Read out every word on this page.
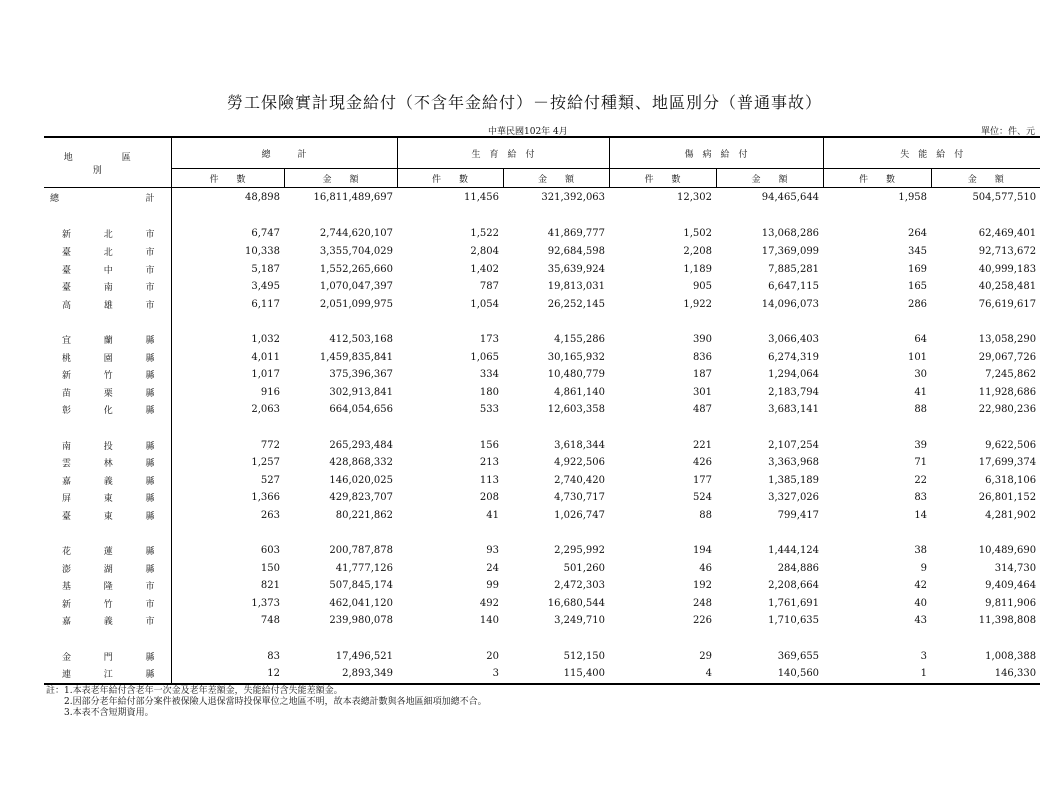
勞工保險實計現金給付（不含年金給付）－按給付種類、地區別分（普通事故）
中華民國102年 4月	單位：件、元
地　區　別	總　　　計		生　育　給　付		傷　病　給　付		失　能　給　付	
	件　　數	金　　額	件　　數	金　　額	件　　數	金　　額	件　　數	金　　額

總 計	48,898	16,811,489,697	11,456	321,392,063	12,302	94,465,644	1,958	504,577,510

新 北 市	6,747	2,744,620,107	1,522	41,869,777	1,502	13,068,286	264	62,469,401

臺 北 市	10,338	3,355,704,029	2,804	92,684,598	2,208	17,369,099	345	92,713,672

臺 中 市	5,187	1,552,265,660	1,402	35,639,924	1,189	7,885,281	169	40,999,183

臺 南 市	3,495	1,070,047,397	787	19,813,031	905	6,647,115	165	40,258,481

高 雄 市	6,117	2,051,099,975	1,054	26,252,145	1,922	14,096,073	286	76,619,617

宜 蘭 縣	1,032	412,503,168	173	4,155,286	390	3,066,403	64	13,058,290

桃 園 縣	4,011	1,459,835,841	1,065	30,165,932	836	6,274,319	101	29,067,726

新 竹 縣	1,017	375,396,367	334	10,480,779	187	1,294,064	30	7,245,862

苗 栗 縣	916	302,913,841	180	4,861,140	301	2,183,794	41	11,928,686

彰 化 縣	2,063	664,054,656	533	12,603,358	487	3,683,141	88	22,980,236

南 投 縣	772	265,293,484	156	3,618,344	221	2,107,254	39	9,622,506

雲 林 縣	1,257	428,868,332	213	4,922,506	426	3,363,968	71	17,699,374

嘉 義 縣	527	146,020,025	113	2,740,420	177	1,385,189	22	6,318,106

屏 東 縣	1,366	429,823,707	208	4,730,717	524	3,327,026	83	26,801,152

臺 東 縣	263	80,221,862	41	1,026,747	88	799,417	14	4,281,902

花 蓮 縣	603	200,787,878	93	2,295,992	194	1,444,124	38	10,489,690

澎 湖 縣	150	41,777,126	24	501,260	46	284,886	9	314,730

基 隆 市	821	507,845,174	99	2,472,303	192	2,208,664	42	9,409,464

新 竹 市	1,373	462,041,120	492	16,680,544	248	1,761,691	40	9,811,906

嘉 義 市	748	239,980,078	140	3,249,710	226	1,710,635	43	11,398,808

金 門 縣	83	17,496,521	20	512,150	29	369,655	3	1,008,388

連 江 縣	12	2,893,349	3	115,400	4	140,560	1	146,330
註：1.本表老年給付含老年一次金及老年差額金，失能給付含失能差額金。
　　2.因部分老年給付部分案件被保險人退保當時投保單位之地區不明，故本表總計數與各地區細項加總不合。
　　3.本表不含短期資用。
